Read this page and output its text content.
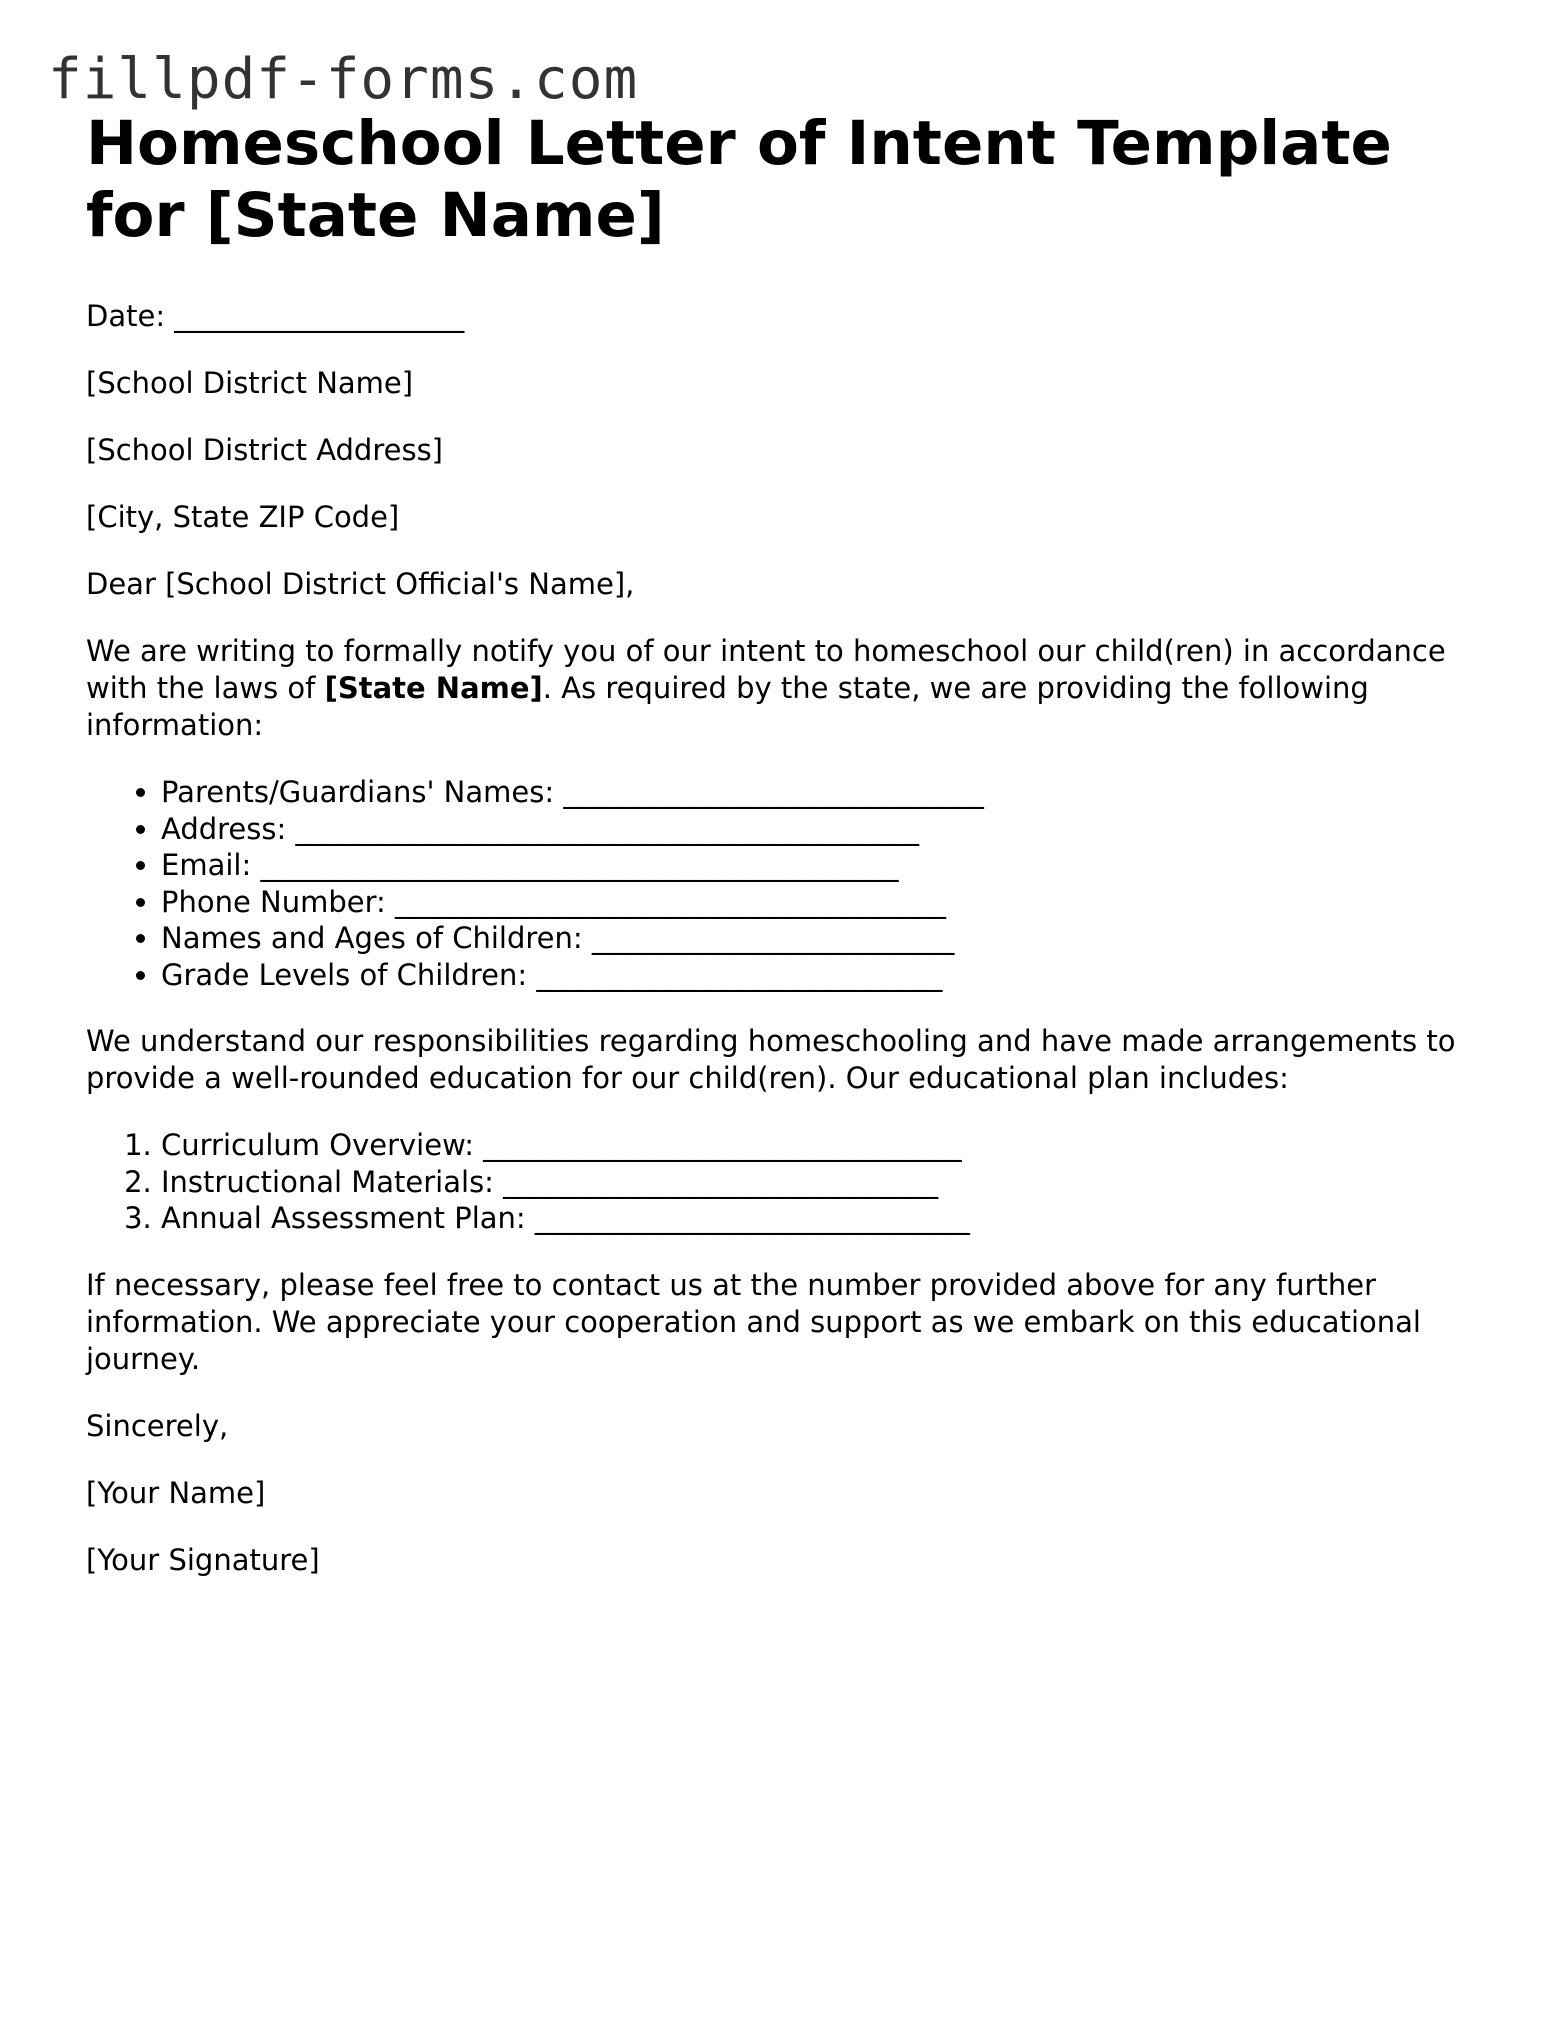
fillpdf-forms.com
Homeschool Letter of Intent Template for [State Name]

Date: ____________________

[School District Name]

[School District Address]

[City, State ZIP Code]

Dear [School District Official's Name],

We are writing to formally notify you of our intent to homeschool our child(ren) in accordance with the laws of [State Name]. As required by the state, we are providing the following information:

• Parents/Guardians' Names: _____________________________
• Address: ___________________________________________
• Email: ____________________________________________
• Phone Number: ______________________________________
• Names and Ages of Children: _________________________
• Grade Levels of Children: ____________________________

We understand our responsibilities regarding homeschooling and have made arrangements to provide a well-rounded education for our child(ren). Our educational plan includes:

1. Curriculum Overview: _________________________________
2. Instructional Materials: ______________________________
3. Annual Assessment Plan: ______________________________

If necessary, please feel free to contact us at the number provided above for any further information. We appreciate your cooperation and support as we embark on this educational journey.

Sincerely,

[Your Name]

[Your Signature]
